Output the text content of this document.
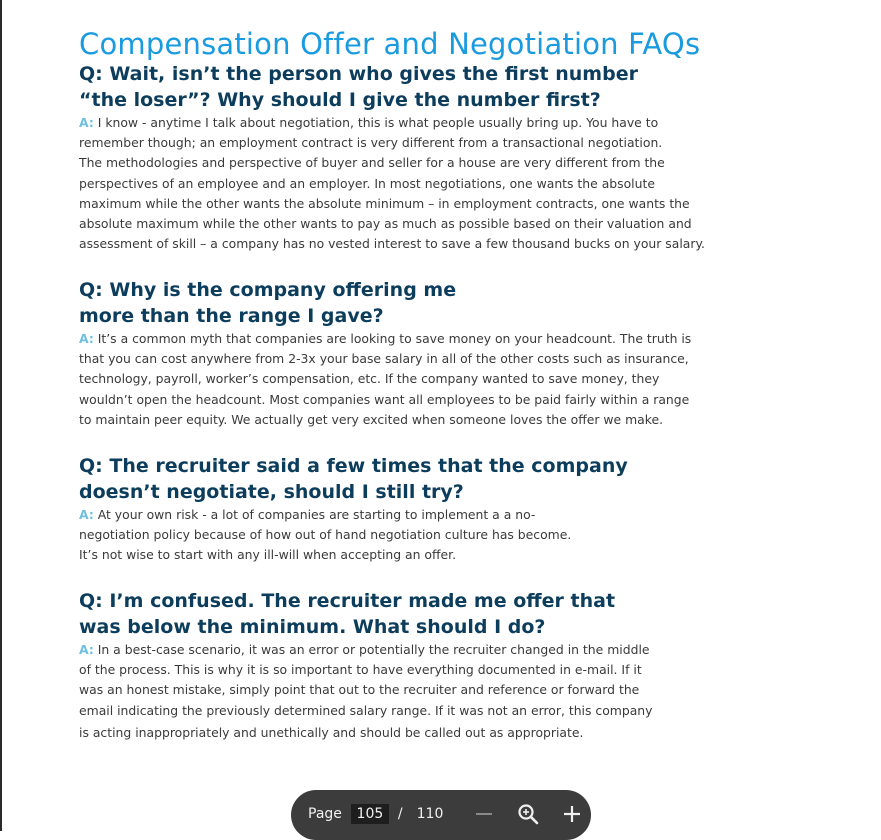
Compensation Offer and Negotiation FAQs

Q: Wait, isn’t the person who gives the first number
“the loser”? Why should I give the number first?

A: I know - anytime I talk about negotiation, this is what people usually bring up. You have to
remember though; an employment contract is very different from a transactional negotiation.
The methodologies and perspective of buyer and seller for a house are very different from the
perspectives of an employee and an employer. In most negotiations, one wants the absolute
maximum while the other wants the absolute minimum – in employment contracts, one wants the
absolute maximum while the other wants to pay as much as possible based on their valuation and
assessment of skill – a company has no vested interest to save a few thousand bucks on your salary.

Q: Why is the company offering me
more than the range I gave?

A: It’s a common myth that companies are looking to save money on your headcount. The truth is
that you can cost anywhere from 2-3x your base salary in all of the other costs such as insurance,
technology, payroll, worker’s compensation, etc. If the company wanted to save money, they
wouldn’t open the headcount. Most companies want all employees to be paid fairly within a range
to maintain peer equity. We actually get very excited when someone loves the offer we make.

Q: The recruiter said a few times that the company
doesn’t negotiate, should I still try?

A: At your own risk - a lot of companies are starting to implement a a no-
negotiation policy because of how out of hand negotiation culture has become.
It’s not wise to start with any ill-will when accepting an offer.

Q: I’m confused. The recruiter made me offer that
was below the minimum. What should I do?

A: In a best-case scenario, it was an error or potentially the recruiter changed in the middle
of the process. This is why it is so important to have everything documented in e-mail. If it
was an honest mistake, simply point that out to the recruiter and reference or forward the
email indicating the previously determined salary range. If it was not an error, this company
is acting inappropriately and unethically and should be called out as appropriate.

Page
105	/ 110
